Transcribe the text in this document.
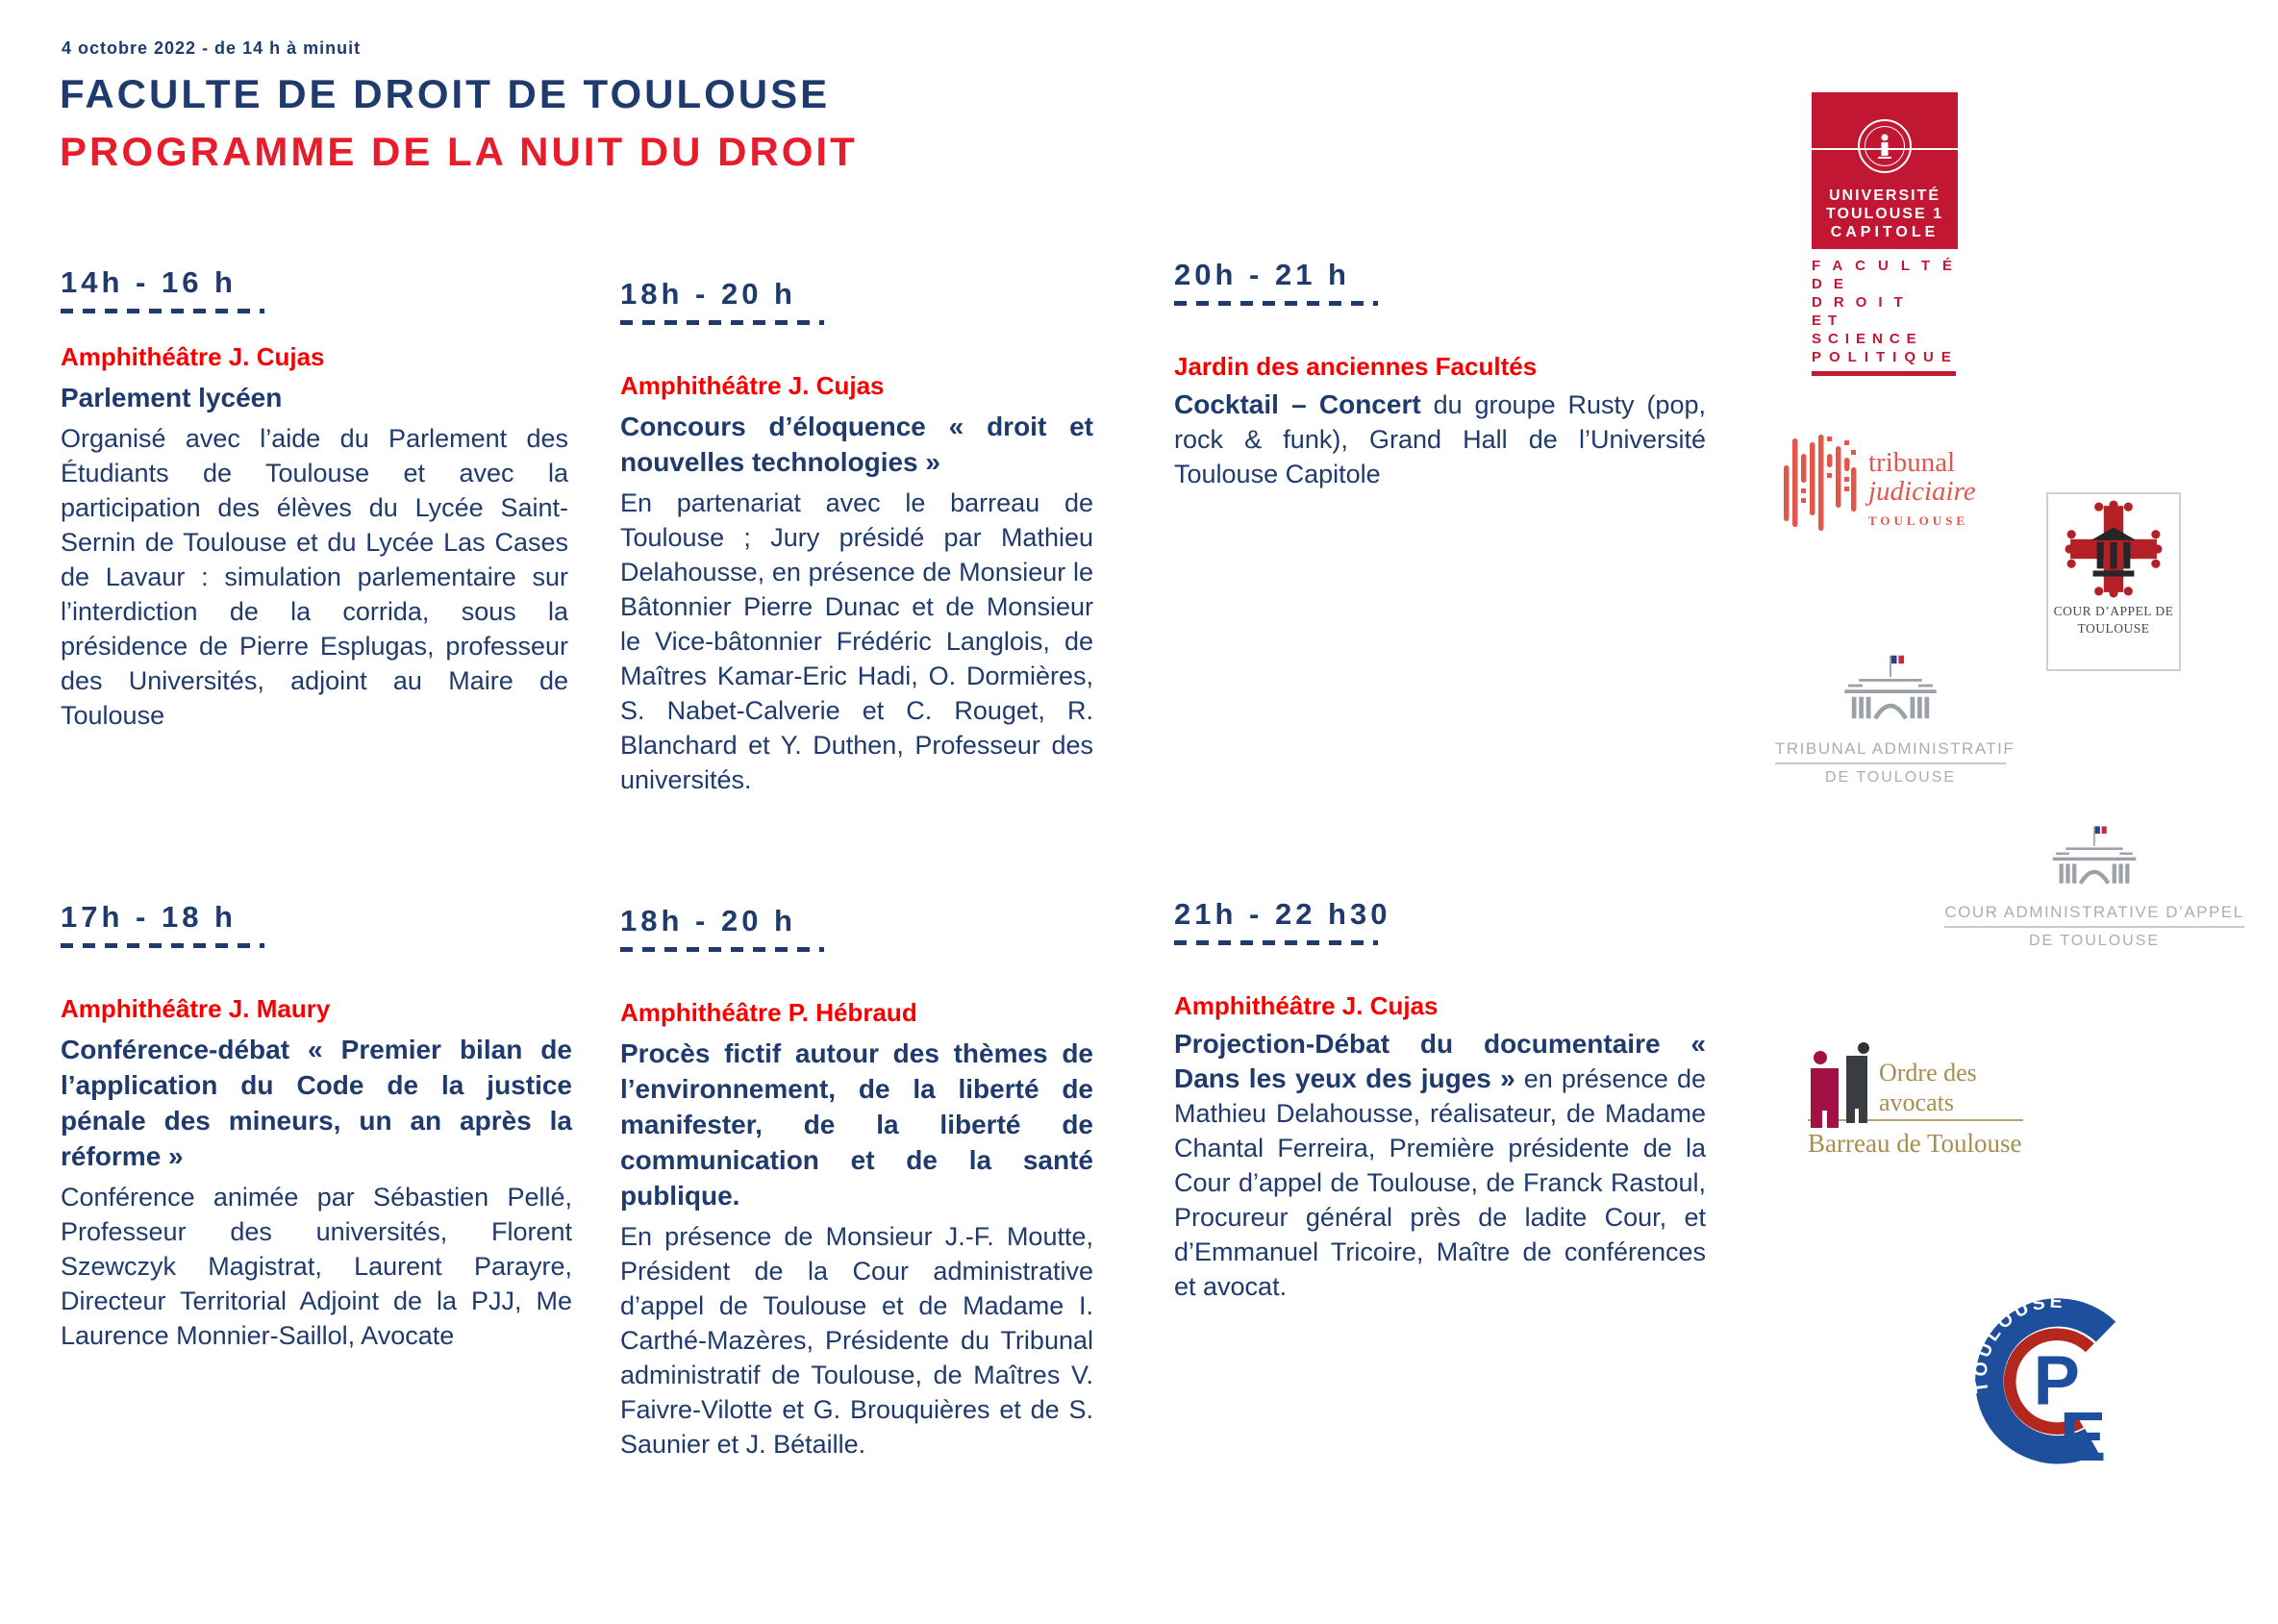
4 octobre 2022 - de 14 h à minuit
FACULTE DE DROIT DE TOULOUSE
PROGRAMME DE LA NUIT DU DROIT
14h - 16 h
Amphithéâtre J. Cujas

Parlement lycéen

Organisé avec l’aide du Parlement des Étudiants de Toulouse et avec la participation des élèves du Lycée Saint-Sernin de Toulouse et du Lycée Las Cases de Lavaur : simulation parlementaire sur l’interdiction de la corrida, sous la présidence de Pierre Esplugas, professeur des Universités, adjoint au Maire de Toulouse

17h - 18 h
Amphithéâtre J. Maury

Conférence-débat « Premier bilan de l’application du Code de la justice pénale des mineurs, un an après la réforme »

Conférence animée par Sébastien Pellé, Professeur des universités, Florent Szewczyk Magistrat, Laurent Parayre, Directeur Territorial Adjoint de la PJJ, Me Laurence Monnier-Saillol, Avocate

18h - 20 h
Amphithéâtre J. Cujas

Concours d’éloquence « droit et nouvelles technologies »

En partenariat avec le barreau de Toulouse ; Jury présidé par Mathieu Delahousse, en présence de Monsieur le Bâtonnier Pierre Dunac et de Monsieur le Vice-bâtonnier Frédéric Langlois, de Maîtres Kamar-Eric Hadi, O. Dormières, S. Nabet-Calverie et C. Rouget, R. Blanchard et Y. Duthen, Professeur des universités.

18h - 20 h
Amphithéâtre P. Hébraud

Procès fictif autour des thèmes de l’environnement, de la liberté de manifester, de la liberté de communication et de la santé publique.

En présence de Monsieur J.-F. Moutte, Président de la Cour administrative d’appel de Toulouse et de Madame I. Carthé-Mazères, Présidente du Tribunal administratif de Toulouse, de Maîtres V. Faivre-Vilotte et G. Brouquières et de S. Saunier et J. Bétaille.

20h - 21 h
Jardin des anciennes Facultés

Cocktail – Concert du groupe Rusty (pop, rock & funk), Grand Hall de l’Université Toulouse Capitole

21h - 22 h30
Amphithéâtre J. Cujas

Projection-Débat du documentaire « Dans les yeux des juges » en présence de Mathieu Delahousse, réalisateur, de Madame Chantal Ferreira, Première présidente de la Cour d’appel de Toulouse, de Franck Rastoul, Procureur général près de ladite Cour, et d’Emmanuel Tricoire, Maître de conférences et avocat.

UNIVERSITÉ
TOULOUSE 1
CAPITOLE
FACULTÉ
DE DROIT
ET SCIENCE
POLITIQUE
tribunal
judiciaire
TOULOUSE
COUR D’APPEL DE
TOULOUSE
TRIBUNAL ADMINISTRATIF
DE TOULOUSE
COUR ADMINISTRATIVE D’APPEL
DE TOULOUSE
Ordre des
avocats
Barreau de Toulouse
TOULOUSE
P
E
